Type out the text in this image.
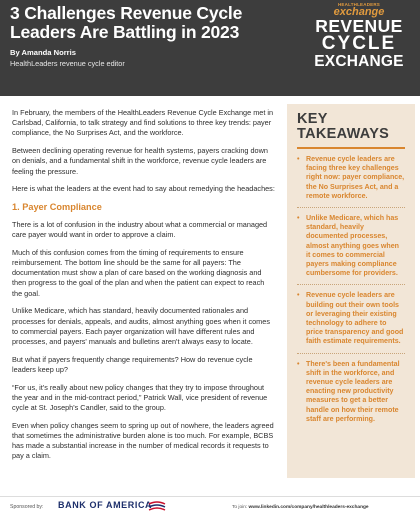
3 Challenges Revenue Cycle Leaders Are Battling in 2023
By Amanda Norris
HealthLeaders revenue cycle editor
HEALTHLEADERS
exchange
REVENUE
CYCLE
EXCHANGE

In February, the members of the HealthLeaders Revenue Cycle Exchange met in Carlsbad, California, to talk strategy and find solutions to three key trends: payer compliance, the No Surprises Act, and the workforce.

Between declining operating revenue for health systems, payers cracking down on denials, and a fundamental shift in the workforce, revenue cycle leaders are feeling the pressure.

Here is what the leaders at the event had to say about remedying the headaches:

1. Payer Compliance

There is a lot of confusion in the industry about what a commercial or managed care payer would want in order to approve a claim.

Much of this confusion comes from the timing of requirements to ensure reimbursement. The bottom line should be the same for all payers: The documentation must show a plan of care based on the working diagnosis and then progress to the goal of the plan and when the patient can expect to reach the goal.

Unlike Medicare, which has standard, heavily documented rationales and processes for denials, appeals, and audits, almost anything goes when it comes to commercial payers. Each payer organization will have different rules and processes, and payers' manuals and bulletins aren't always easy to locate.

But what if payers frequently change requirements? How do revenue cycle leaders keep up?

“For us, it's really about new policy changes that they try to impose throughout the year and in the mid-contract period,” Patrick Wall, vice president of revenue cycle at St. Joseph's Candler, said to the group.

Even when policy changes seem to spring up out of nowhere, the leaders agreed that sometimes the administrative burden alone is too much. For example, BCBS has made a substantial increase in the number of medical records it requests to pay a claim.

KEY
TAKEAWAYS
• Revenue cycle leaders are facing three key challenges right now: payer compliance, the No Surprises Act, and a remote workforce.
• Unlike Medicare, which has standard, heavily documented processes, almost anything goes when it comes to commercial payers making compliance cumbersome for providers.
• Revenue cycle leaders are building out their own tools or leveraging their existing technology to adhere to price transparency and good faith estimate requirements.
• There's been a fundamental shift in the workforce, and revenue cycle leaders are enacting new productivity measures to get a better handle on how their remote staff are performing.
Sponsored by: BANK OF AMERICA	To join: www.linkedin.com/company/healthleaders-exchange
